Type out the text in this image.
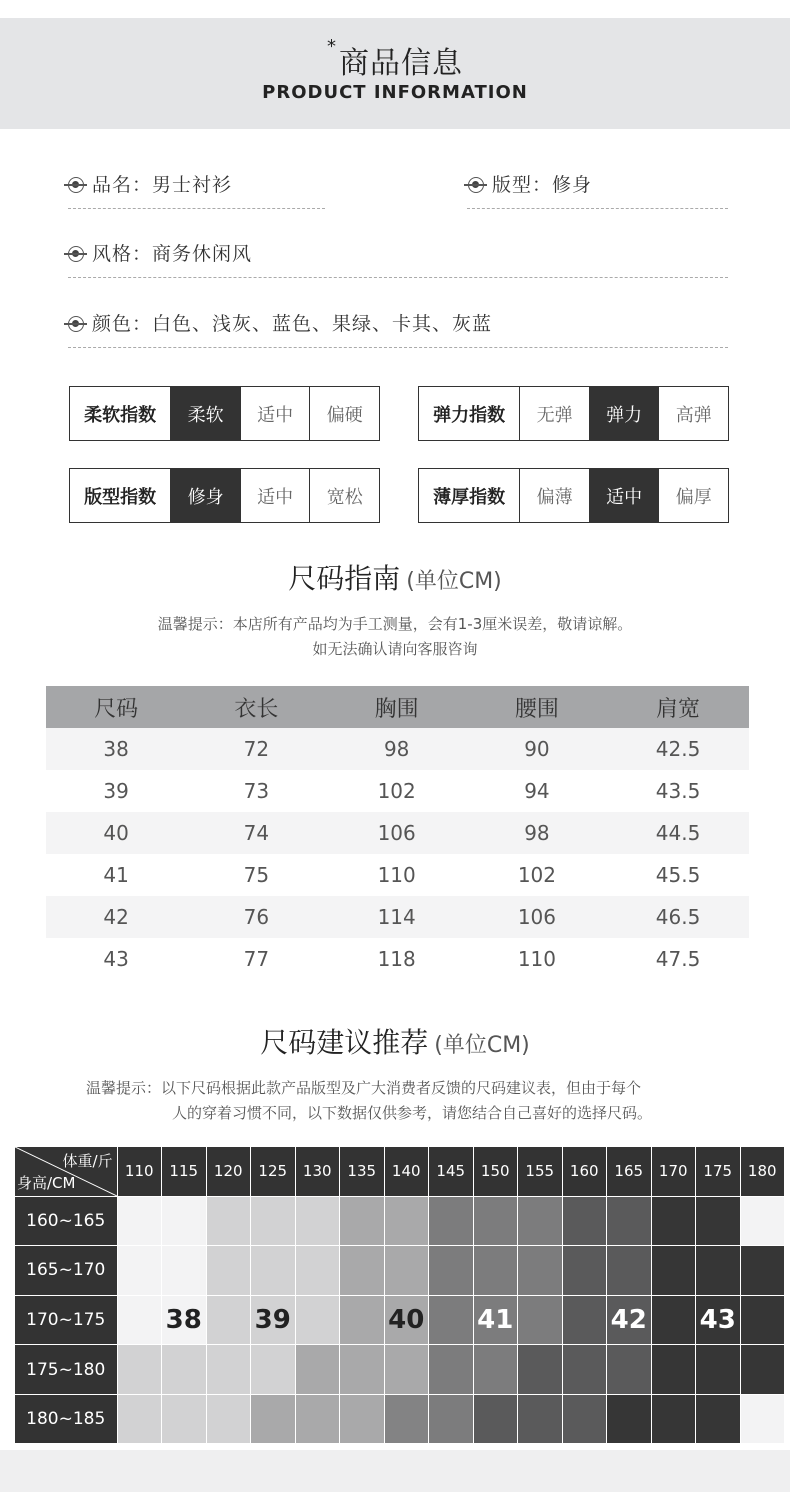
*商品信息
PRODUCT INFORMATION
品名：男士衬衫	版型：修身
风格：商务休闲风
颜色：白色、浅灰、蓝色、果绿、卡其、灰蓝
柔软指数	柔软	适中	偏硬	弹力指数	无弹	弹力	高弹
版型指数	修身	适中	宽松	薄厚指数	偏薄	适中	偏厚
尺码指南 (单位CM)
温馨提示：本店所有产品均为手工测量，会有1-3厘米误差，敬请谅解。
如无法确认请向客服咨询
尺码	衣长	胸围	腰围	肩宽
38	72	98	90	42.5
39	73	102	94	43.5
40	74	106	98	44.5
41	75	110	102	45.5
42	76	114	106	46.5
43	77	118	110	47.5
尺码建议推荐 (单位CM)
温馨提示：以下尺码根据此款产品版型及广大消费者反馈的尺码建议表，但由于每个
人的穿着习惯不同，以下数据仅供参考，请您结合自己喜好的选择尺码。
体重/斤
身高/CM	110	115	120	125	130	135	140	145	150	155	160	165	170	175	180
160~165															
165~170															
170~175		38		39			40		41			42		43	
175~180															
180~185															
